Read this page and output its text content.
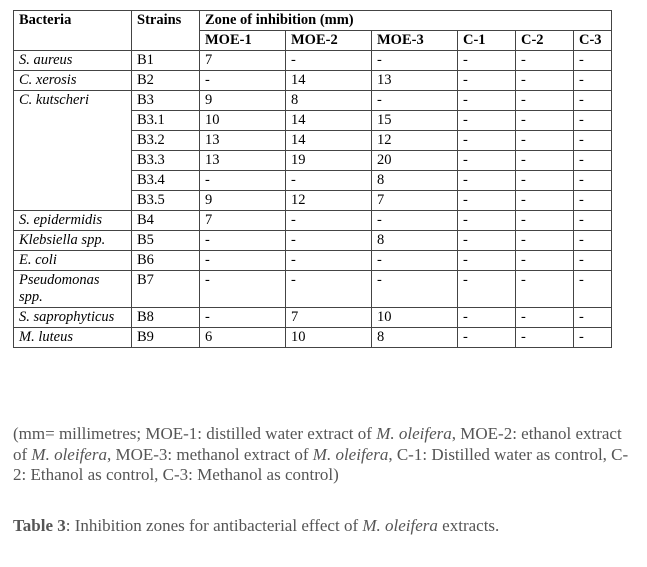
Bacteria	Strains	Zone of inhibition (mm)					
		MOE-1	MOE-2	MOE-3	C-1	C-2	C-3
S. aureus	B1	7	-	-	-	-	-
C. xerosis	B2	-	14	13	-	-	-
C. kutscheri	B3	9	8	-	-	-	-
	B3.1	10	14	15	-	-	-
	B3.2	13	14	12	-	-	-
	B3.3	13	19	20	-	-	-
	B3.4	-	-	8	-	-	-
	B3.5	9	12	7	-	-	-
S. epidermidis	B4	7	-	-	-	-	-
Klebsiella spp.	B5	-	-	8	-	-	-
E. coli	B6	-	-	-	-	-	-
Pseudomonas spp.	B7	-	-	-	-	-	-
S. saprophyticus	B8	-	7	10	-	-	-
M. luteus	B9	6	10	8	-	-	-
(mm= millimetres; MOE-1: distilled water extract of M. oleifera, MOE-2: ethanol extract of M. oleifera, MOE-3: methanol extract of M. oleifera, C-1: Distilled water as control, C-2: Ethanol as control, C-3: Methanol as control)
Table 3: Inhibition zones for antibacterial effect of M. oleifera extracts.
